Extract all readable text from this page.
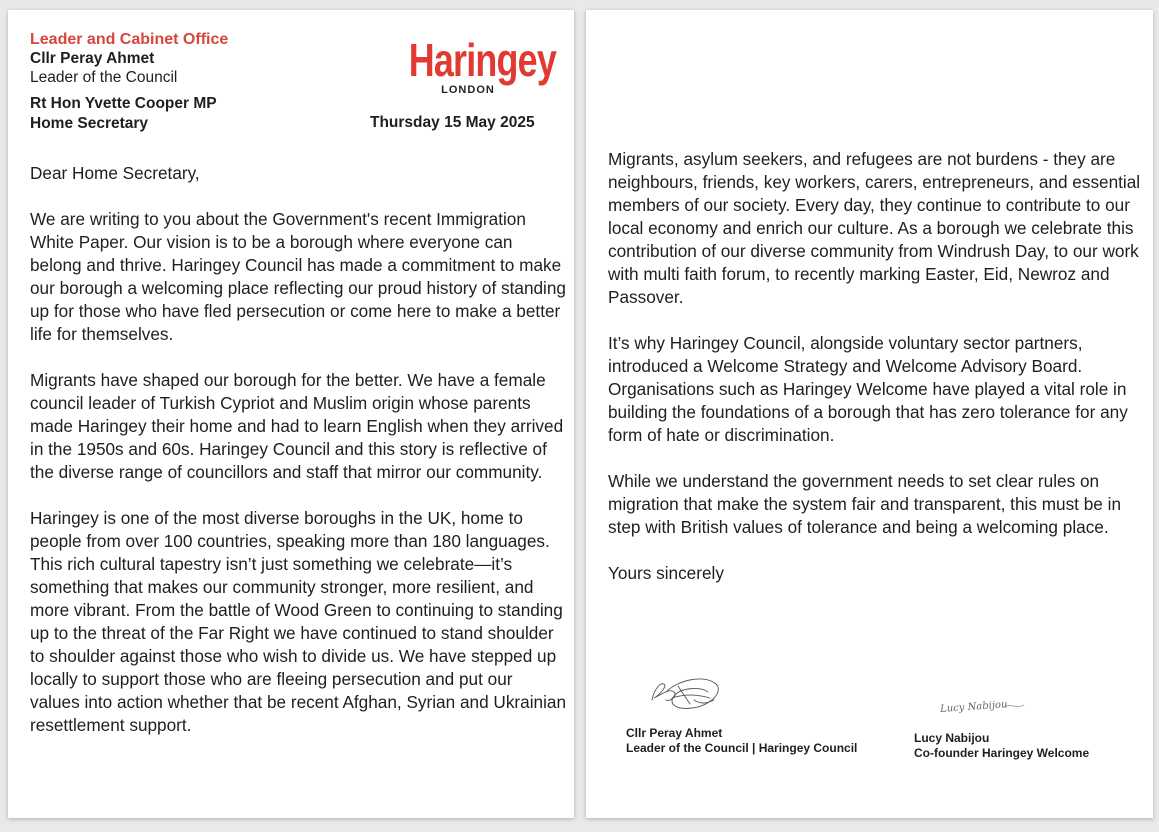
Leader and Cabinet Office

Cllr Peray Ahmet

Leader of the Council

Rt Hon Yvette Cooper MP

Home Secretary	Thursday 15 May 2025

Haringey
LONDON

Dear Home Secretary,

We are writing to you about the Government's recent Immigration White Paper. Our vision is to be a borough where everyone can belong and thrive. Haringey Council has made a commitment to make our borough a welcoming place reflecting our proud history of standing up for those who have fled persecution or come here to make a better life for themselves.

Migrants have shaped our borough for the better. We have a female council leader of Turkish Cypriot and Muslim origin whose parents made Haringey their home and had to learn English when they arrived in the 1950s and 60s. Haringey Council and this story is reflective of the diverse range of councillors and staff that mirror our community.

Haringey is one of the most diverse boroughs in the UK, home to people from over 100 countries, speaking more than 180 languages. This rich cultural tapestry isn’t just something we celebrate—it’s something that makes our community stronger, more resilient, and more vibrant. From the battle of Wood Green to continuing to standing up to the threat of the Far Right we have continued to stand shoulder to shoulder against those who wish to divide us. We have stepped up locally to support those who are fleeing persecution and put our values into action whether that be recent Afghan, Syrian and Ukrainian resettlement support.

Migrants, asylum seekers, and refugees are not burdens - they are neighbours, friends, key workers, carers, entrepreneurs, and essential members of our society. Every day, they continue to contribute to our local economy and enrich our culture. As a borough we celebrate this contribution of our diverse community from Windrush Day, to our work with multi faith forum, to recently marking Easter, Eid, Newroz and Passover.

It’s why Haringey Council, alongside voluntary sector partners, introduced a Welcome Strategy and Welcome Advisory Board. Organisations such as Haringey Welcome have played a vital role in building the foundations of a borough that has zero tolerance for any form of hate or discrimination.

While we understand the government needs to set clear rules on migration that make the system fair and transparent, this must be in step with British values of tolerance and being a welcoming place.

Yours sincerely

Cllr Peray Ahmet

Leader of the Council | Haringey Council

Lucy Nabijou

Lucy Nabijou

Co-founder Haringey Welcome
